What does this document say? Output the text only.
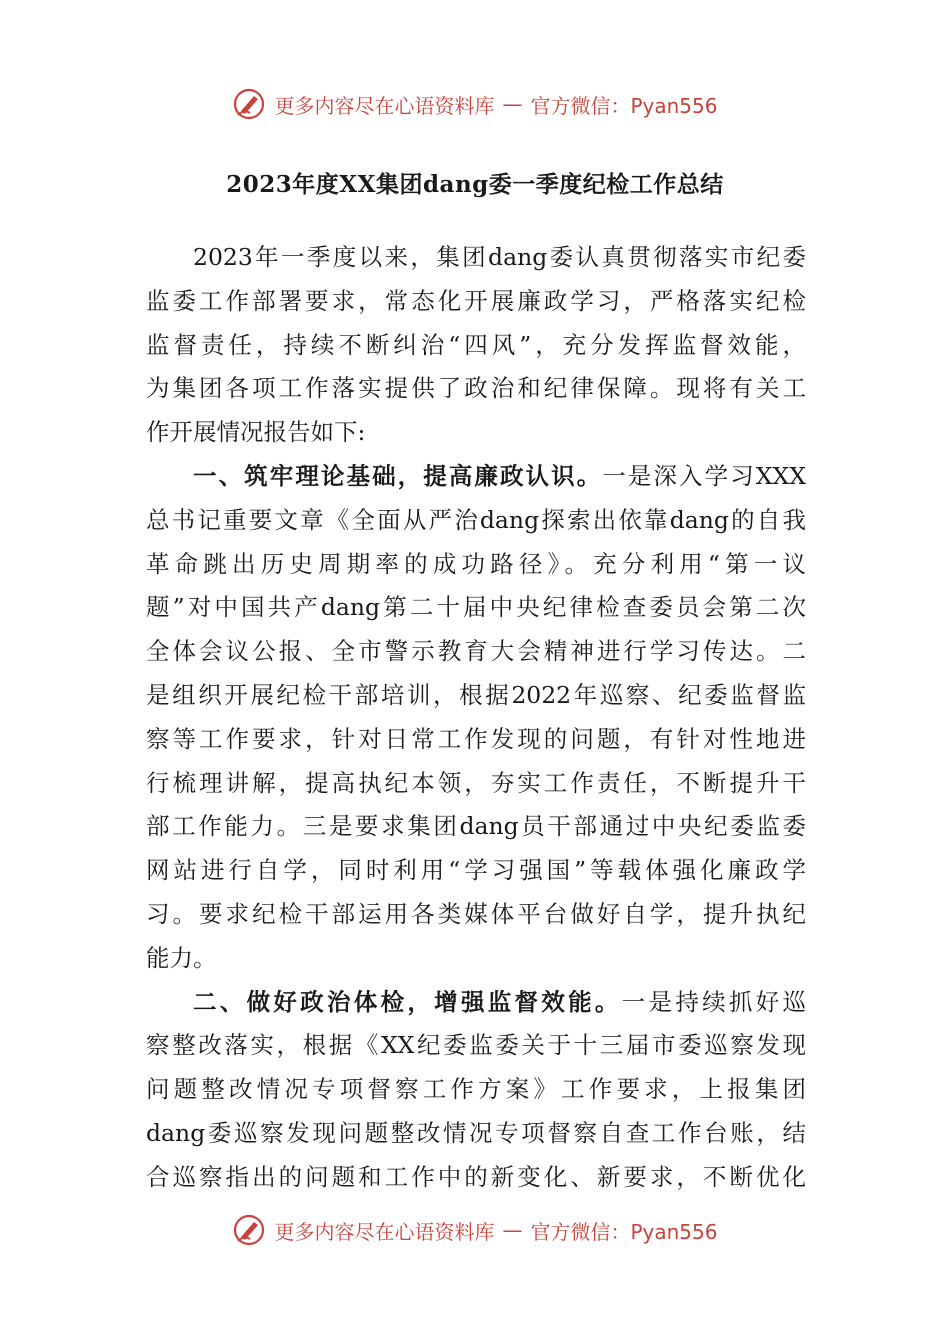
更多内容尽在心语资料库 — 官方微信：Pyan556
2023年度XX集团dang委一季度纪检工作总结
2023年一季度以来，集团dang委认真贯彻落实市纪委
监委工作部署要求，常态化开展廉政学习，严格落实纪检
监督责任，持续不断纠治“四风”，充分发挥监督效能，
为集团各项工作落实提供了政治和纪律保障。现将有关工
作开展情况报告如下:
一、筑牢理论基础，提高廉政认识。一是深入学习XXX
总书记重要文章《全面从严治dang探索出依靠dang的自我
革命跳出历史周期率的成功路径》。充分利用“第一议
题”对中国共产dang第二十届中央纪律检查委员会第二次
全体会议公报、全市警示教育大会精神进行学习传达。二
是组织开展纪检干部培训，根据2022年巡察、纪委监督监
察等工作要求，针对日常工作发现的问题，有针对性地进
行梳理讲解，提高执纪本领，夯实工作责任，不断提升干
部工作能力。三是要求集团dang员干部通过中央纪委监委
网站进行自学，同时利用“学习强国”等载体强化廉政学
习。要求纪检干部运用各类媒体平台做好自学，提升执纪
能力。
二、做好政治体检，增强监督效能。一是持续抓好巡
察整改落实，根据《XX纪委监委关于十三届市委巡察发现
问题整改情况专项督察工作方案》工作要求，上报集团
dang委巡察发现问题整改情况专项督察自查工作台账，结
合巡察指出的问题和工作中的新变化、新要求，不断优化
更多内容尽在心语资料库 — 官方微信：Pyan556
